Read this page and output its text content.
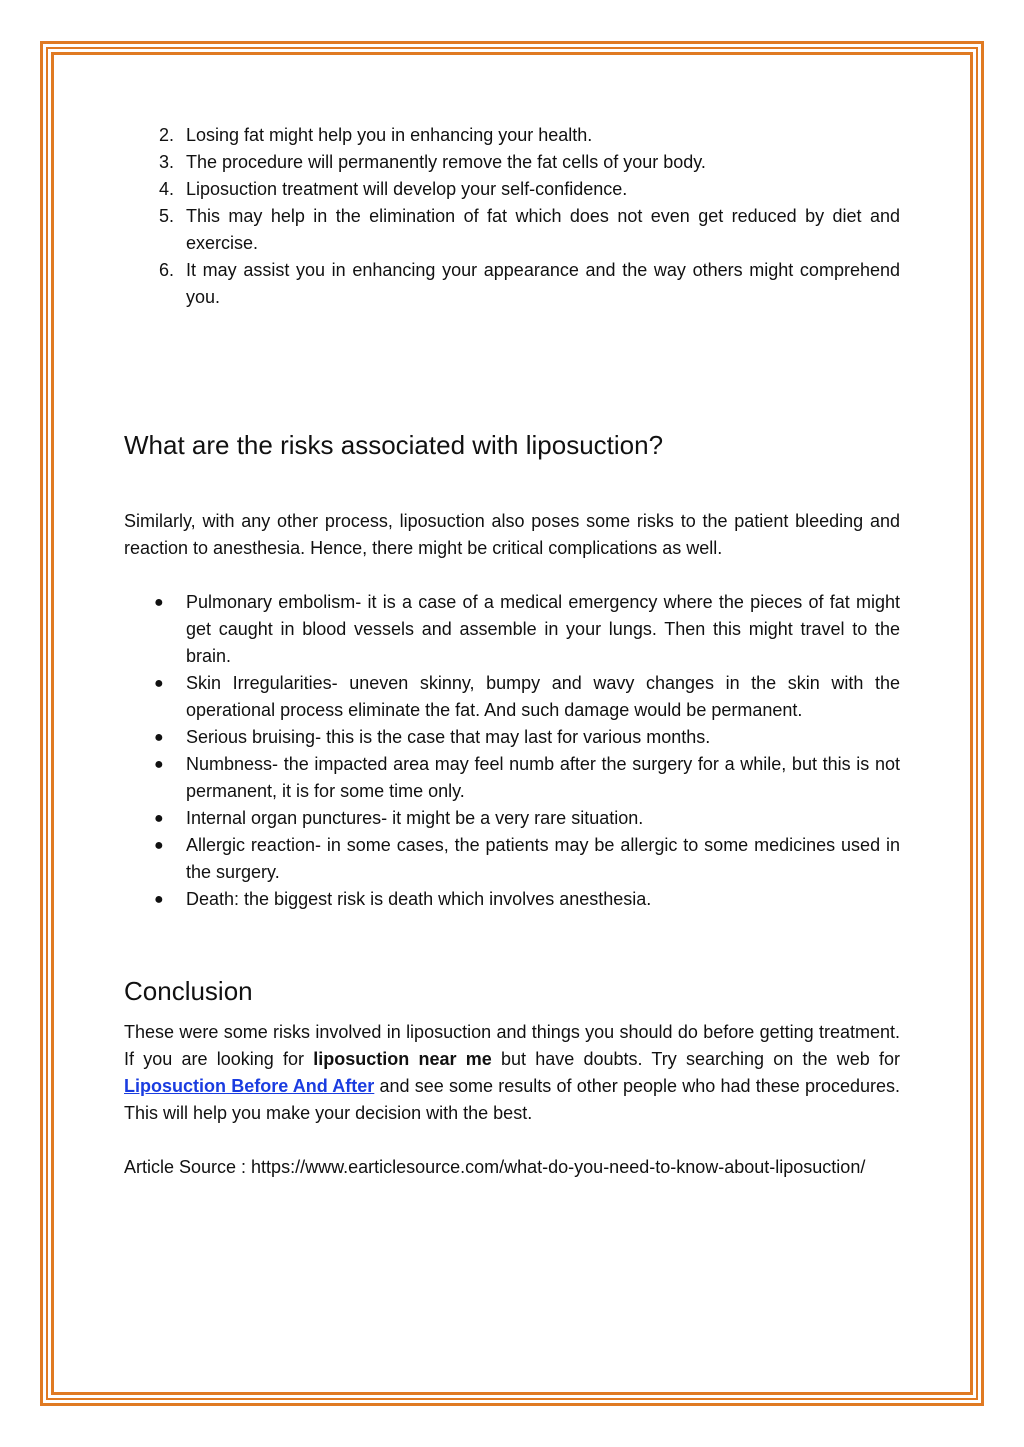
2. Losing fat might help you in enhancing your health.
3. The procedure will permanently remove the fat cells of your body.
4. Liposuction treatment will develop your self-confidence.
5. This may help in the elimination of fat which does not even get reduced by diet and exercise.
6. It may assist you in enhancing your appearance and the way others might comprehend you.
What are the risks associated with liposuction?

Similarly, with any other process, liposuction also poses some risks to the patient bleeding and reaction to anesthesia. Hence, there might be critical complications as well.

● Pulmonary embolism- it is a case of a medical emergency where the pieces of fat might get caught in blood vessels and assemble in your lungs. Then this might travel to the brain.
● Skin Irregularities- uneven skinny, bumpy and wavy changes in the skin with the operational process eliminate the fat. And such damage would be permanent.
● Serious bruising- this is the case that may last for various months.
● Numbness- the impacted area may feel numb after the surgery for a while, but this is not permanent, it is for some time only.
● Internal organ punctures- it might be a very rare situation.
● Allergic reaction- in some cases, the patients may be allergic to some medicines used in the surgery.
● Death: the biggest risk is death which involves anesthesia.
Conclusion

These were some risks involved in liposuction and things you should do before getting treatment. If you are looking for liposuction near me but have doubts. Try searching on the web for Liposuction Before And After and see some results of other people who had these procedures. This will help you make your decision with the best.

Article Source : https://www.earticlesource.com/what-do-you-need-to-know-about-liposuction/
